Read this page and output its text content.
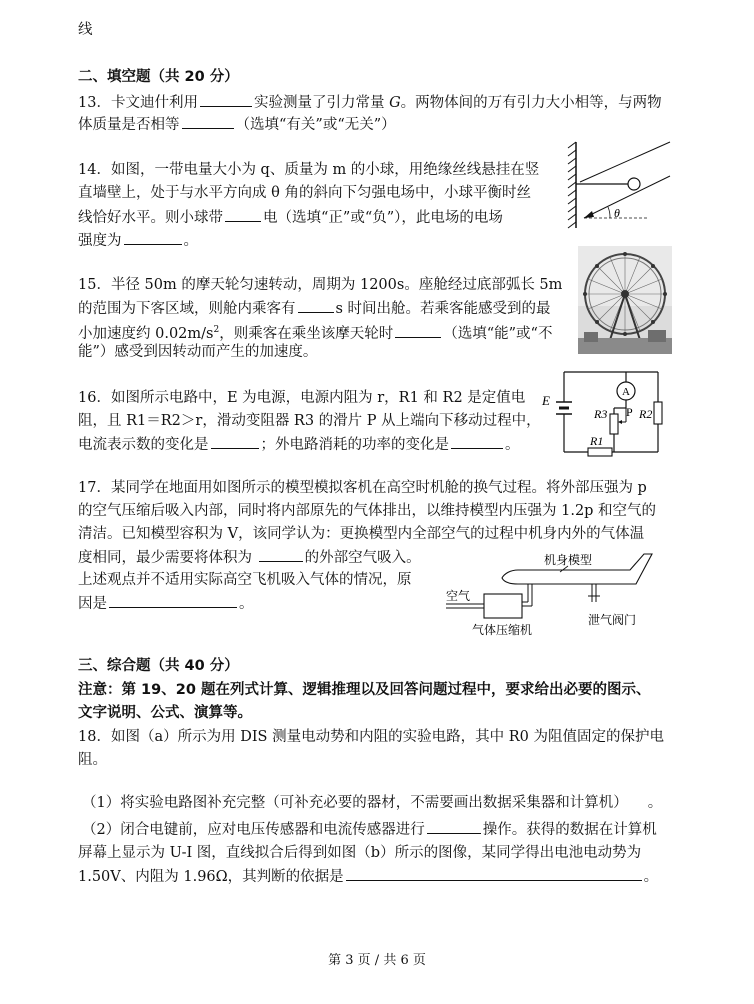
线
二、填空题（共 20 分）
13．卡文迪什利用	实验测量了引力常量 G。两物体间的万有引力大小相等，与两物
体质量是否相等	（选填“有关”或“无关”）
14．如图，一带电量大小为 q、质量为 m 的小球，用绝缘丝线悬挂在竖
直墙壁上，处于与水平方向成 θ 角的斜向下匀强电场中，小球平衡时丝
线恰好水平。则小球带	电（选填“正”或“负”），此电场的电场
强度为	。
θ
15．半径 50m 的摩天轮匀速转动，周期为 1200s。座舱经过底部弧长 5m
的范围为下客区域，则舱内乘客有	s 时间出舱。若乘客能感受到的最
小加速度约 $0.02m/s^2$，则乘客在乘坐该摩天轮时	（选填“能”或“不
能”）感受到因转动而产生的加速度。
16．如图所示电路中，E 为电源，电源内阻为 r，R1 和 R2 是定值电
阻，且 R1＝R2＞r，滑动变阻器 R3 的滑片 P 从上端向下移动过程中，
电流表示数的变化是	；外电路消耗的功率的变化是	。
A
E
R3 P R2
R1
17．某同学在地面用如图所示的模型模拟客机在高空时机舱的换气过程。将外部压强为 p
的空气压缩后吸入内部，同时将内部原先的气体排出，以维持模型内压强为 1.2p 和空气的
清洁。已知模型容积为 V，该同学认为：更换模型内全部空气的过程中机身内外的气体温
度相同，最少需要将体积为	的外部空气吸入。
上述观点并不适用实际高空飞机吸入气体的情况，原
因是	。
机身模型
空气
气体压缩机
泄气阀门
三、综合题（共 40 分）
注意：第 19、20 题在列式计算、逻辑推理以及回答问题过程中，要求给出必要的图示、
文字说明、公式、演算等。
18．如图（a）所示为用 DIS 测量电动势和内阻的实验电路，其中 R0 为阻值固定的保护电
阻。
（1）将实验电路图补充完整（可补充必要的器材，不需要画出数据采集器和计算机） 。
（2）闭合电键前，应对电压传感器和电流传感器进行	操作。获得的数据在计算机
屏幕上显示为 U-I 图，直线拟合后得到如图（b）所示的图像，某同学得出电池电动势为
1.50V、内阻为 1.96Ω，其判断的依据是	。
第 3 页 / 共 6 页
